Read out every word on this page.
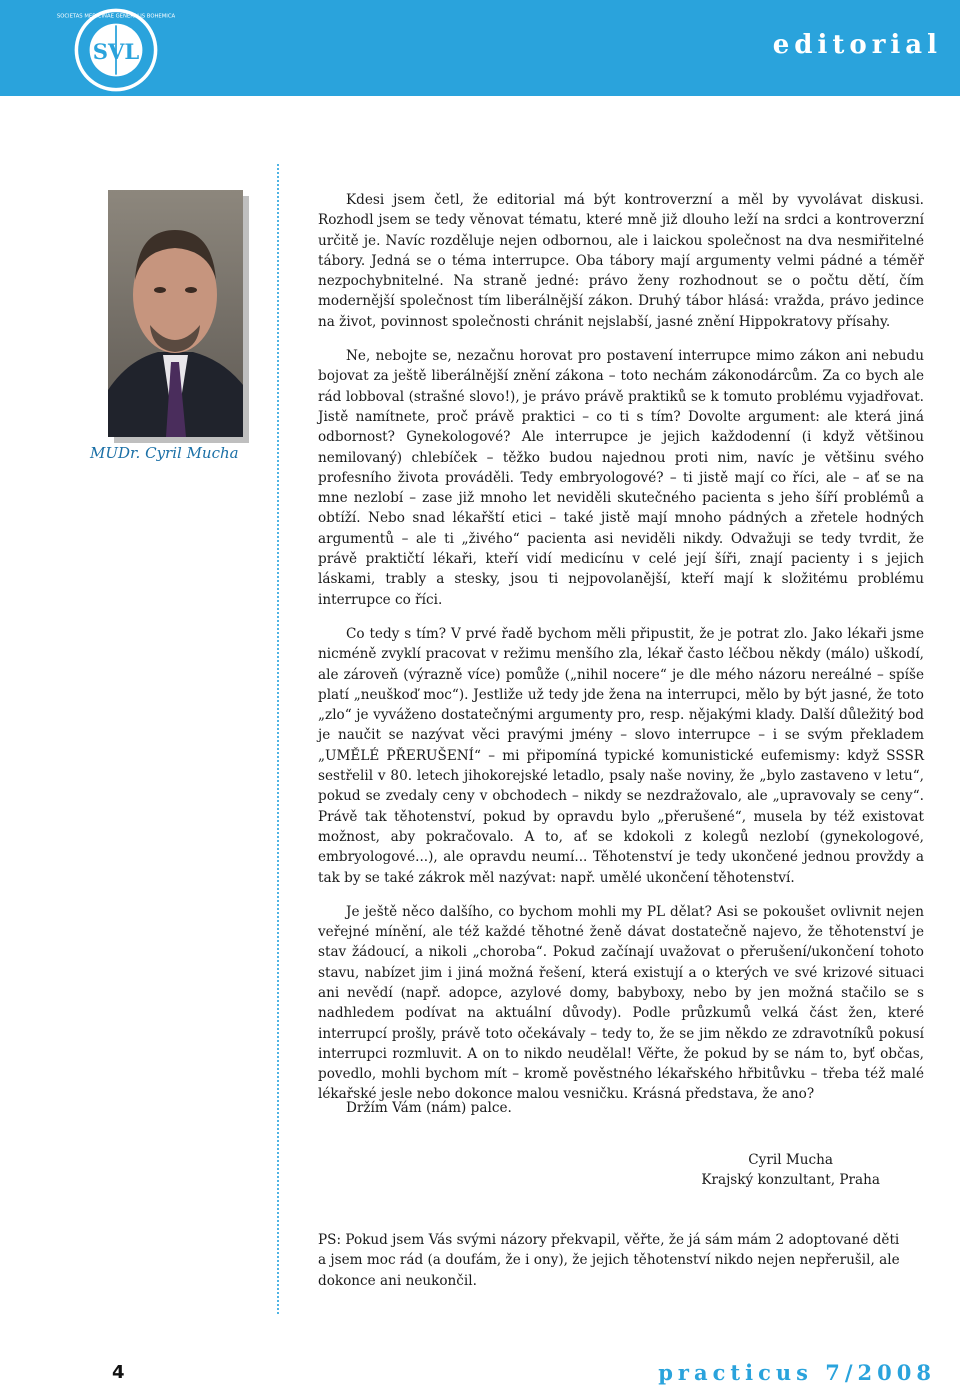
SVL
SOCIETAS MEDICINAE GENERALIS BOHEMICA
editorial
MUDr. Cyril Mucha

Kdesi jsem četl, že editorial má být kontroverzní a měl by vyvolávat diskusi. Rozhodl jsem se tedy věnovat tématu, které mně již dlouho leží na srdci a kontroverzní určitě je. Navíc rozděluje nejen odbornou, ale i laickou společnost na dva nesmiřitelné tábory. Jedná se o téma interrupce. Oba tábory mají argumenty velmi pádné a téměř nezpochybnitelné. Na straně jedné: právo ženy rozhodnout se o počtu dětí, čím modernější společnost tím liberálnější zákon. Druhý tábor hlásá: vražda, právo jedince na život, povinnost společnosti chránit nejslabší, jasné znění Hippokratovy přísahy.

Ne, nebojte se, nezačnu horovat pro postavení interrupce mimo zákon ani nebudu bojovat za ještě liberálnější znění zákona – toto nechám zákonodárcům. Za co bych ale rád lobboval (strašné slovo!), je právo právě praktiků se k tomuto problému vyjadřovat. Jistě namítnete, proč právě praktici – co ti s tím? Dovolte argument: ale která jiná odbornost? Gynekologové? Ale interrupce je jejich každodenní (i když většinou nemilovaný) chlebíček – těžko budou najednou proti nim, navíc je většinu svého profesního života prováděli. Tedy embryologové? – ti jistě mají co říci, ale – ať se na mne nezlobí – zase již mnoho let neviděli skutečného pacienta s jeho šíří problémů a obtíží. Nebo snad lékařští etici – také jistě mají mnoho pádných a zřetele hodných argumentů – ale ti „živého“ pacienta asi neviděli nikdy. Odvažuji se tedy tvrdit, že právě praktičtí lékaři, kteří vidí medicínu v celé její šíři, znají pacienty i s jejich láskami, trably a stesky, jsou ti nejpovolanější, kteří mají k složitému problému interrupce co říci.

Co tedy s tím? V prvé řadě bychom měli připustit, že je potrat zlo. Jako lékaři jsme nicméně zvyklí pracovat v režimu menšího zla, lékař často léčbou někdy (málo) uškodí, ale zároveň (výrazně více) pomůže („nihil nocere“ je dle mého názoru nereálné – spíše platí „neuškoď moc“). Jestliže už tedy jde žena na interrupci, mělo by být jasné, že toto „zlo“ je vyváženo dostatečnými argumenty pro, resp. nějakými klady. Další důležitý bod je naučit se nazývat věci pravými jmény – slovo interrupce – i se svým překladem „UMĚLÉ PŘERUŠENÍ“ – mi připomíná typické komunistické eufemismy: když SSSR sestřelil v 80. letech jihokorejské letadlo, psaly naše noviny, že „bylo zastaveno v letu“, pokud se zvedaly ceny v obchodech – nikdy se nezdražovalo, ale „upravovaly se ceny“. Právě tak těhotenství, pokud by opravdu bylo „přerušené“, musela by též existovat možnost, aby pokračovalo. A to, ať se kdokoli z kolegů nezlobí (gynekologové, embryologové...), ale opravdu neumí... Těhotenství je tedy ukončené jednou provždy a tak by se také zákrok měl nazývat: např. umělé ukončení těhotenství.

Je ještě něco dalšího, co bychom mohli my PL dělat? Asi se pokoušet ovlivnit nejen veřejné mínění, ale též každé těhotné ženě dávat dostatečně najevo, že těhotenství je stav žádoucí, a nikoli „choroba“. Pokud začínají uvažovat o přerušení/ukončení tohoto stavu, nabízet jim i jiná možná řešení, která existují a o kterých ve své krizové situaci ani nevědí (např. adopce, azylové domy, babyboxy, nebo by jen možná stačilo se s nadhledem podívat na aktuální důvody). Podle průzkumů velká část žen, které interrupcí prošly, právě toto očekávaly – tedy to, že se jim někdo ze zdravotníků pokusí interrupci rozmluvit. A on to nikdo neudělal! Věřte, že pokud by se nám to, byť občas, povedlo, mohli bychom mít – kromě pověstného lékařského hřbitůvku – třeba též malé lékařské jesle nebo dokonce malou vesničku. Krásná představa, že ano?

Držím Vám (nám) palce.
Cyril Mucha
Krajský konzultant, Praha
PS: Pokud jsem Vás svými názory překvapil, věřte, že já sám mám 2 adoptované děti a jsem moc rád (a doufám, že i ony), že jejich těhotenství nikdo nejen nepřerušil, ale dokonce ani neukončil.
4	practicus 7/2008
